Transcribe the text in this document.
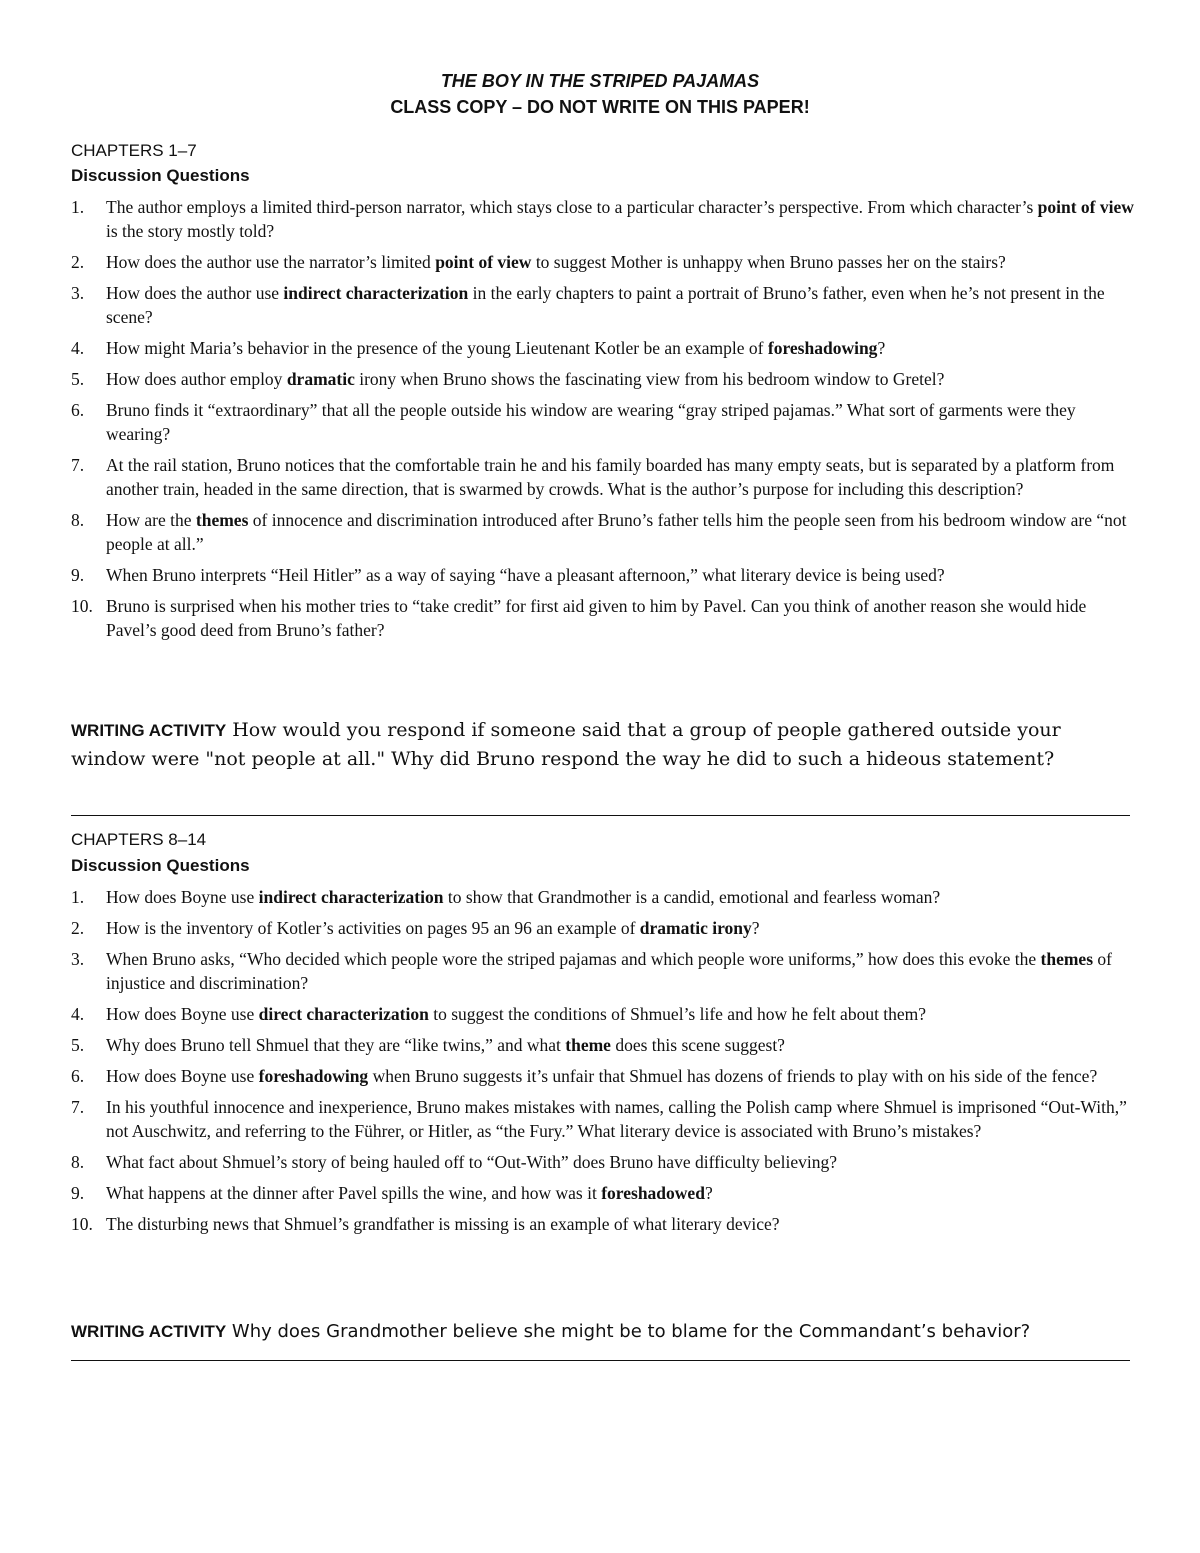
THE BOY IN THE STRIPED PAJAMAS
CLASS COPY – DO NOT WRITE ON THIS PAPER!
CHAPTERS 1–7
Discussion Questions
1.	The author employs a limited third-person narrator, which stays close to a particular character’s perspective. From which character’s point of view is the story mostly told?
2.	How does the author use the narrator’s limited point of view to suggest Mother is unhappy when Bruno passes her on the stairs?
3.	How does the author use indirect characterization in the early chapters to paint a portrait of Bruno’s father, even when he’s not present in the scene?
4.	How might Maria’s behavior in the presence of the young Lieutenant Kotler be an example of foreshadowing?
5.	How does author employ dramatic irony when Bruno shows the fascinating view from his bedroom window to Gretel?
6.	Bruno finds it “extraordinary” that all the people outside his window are wearing “gray striped pajamas.” What sort of garments were they wearing?
7.	At the rail station, Bruno notices that the comfortable train he and his family boarded has many empty seats, but is separated by a platform from another train, headed in the same direction, that is swarmed by crowds. What is the author’s purpose for including this description?
8.	How are the themes of innocence and discrimination introduced after Bruno’s father tells him the people seen from his bedroom window are “not people at all.”
9.	When Bruno interprets “Heil Hitler” as a way of saying “have a pleasant afternoon,” what literary device is being used?
10. Bruno is surprised when his mother tries to “take credit” for first aid given to him by Pavel. Can you think of another reason she would hide Pavel’s good deed from Bruno’s father?
WRITING ACTIVITY How would you respond if someone said that a group of people gathered outside your window were "not people at all." Why did Bruno respond the way he did to such a hideous statement?
CHAPTERS 8–14
Discussion Questions
1.	How does Boyne use indirect characterization to show that Grandmother is a candid, emotional and fearless woman?
2.	How is the inventory of Kotler’s activities on pages 95 an 96 an example of dramatic irony?
3.	When Bruno asks, “Who decided which people wore the striped pajamas and which people wore uniforms,” how does this evoke the themes of injustice and discrimination?
4.	How does Boyne use direct characterization to suggest the conditions of Shmuel’s life and how he felt about them?
5.	Why does Bruno tell Shmuel that they are “like twins,” and what theme does this scene suggest?
6.	How does Boyne use foreshadowing when Bruno suggests it’s unfair that Shmuel has dozens of friends to play with on his side of the fence?
7.	In his youthful innocence and inexperience, Bruno makes mistakes with names, calling the Polish camp where Shmuel is imprisoned “Out-With,” not Auschwitz, and referring to the Führer, or Hitler, as “the Fury.” What literary device is associated with Bruno’s mistakes?
8.	What fact about Shmuel’s story of being hauled off to “Out-With” does Bruno have difficulty believing?
9.	What happens at the dinner after Pavel spills the wine, and how was it foreshadowed?
10. The disturbing news that Shmuel’s grandfather is missing is an example of what literary device?
WRITING ACTIVITY Why does Grandmother believe she might be to blame for the Commandant’s behavior?
